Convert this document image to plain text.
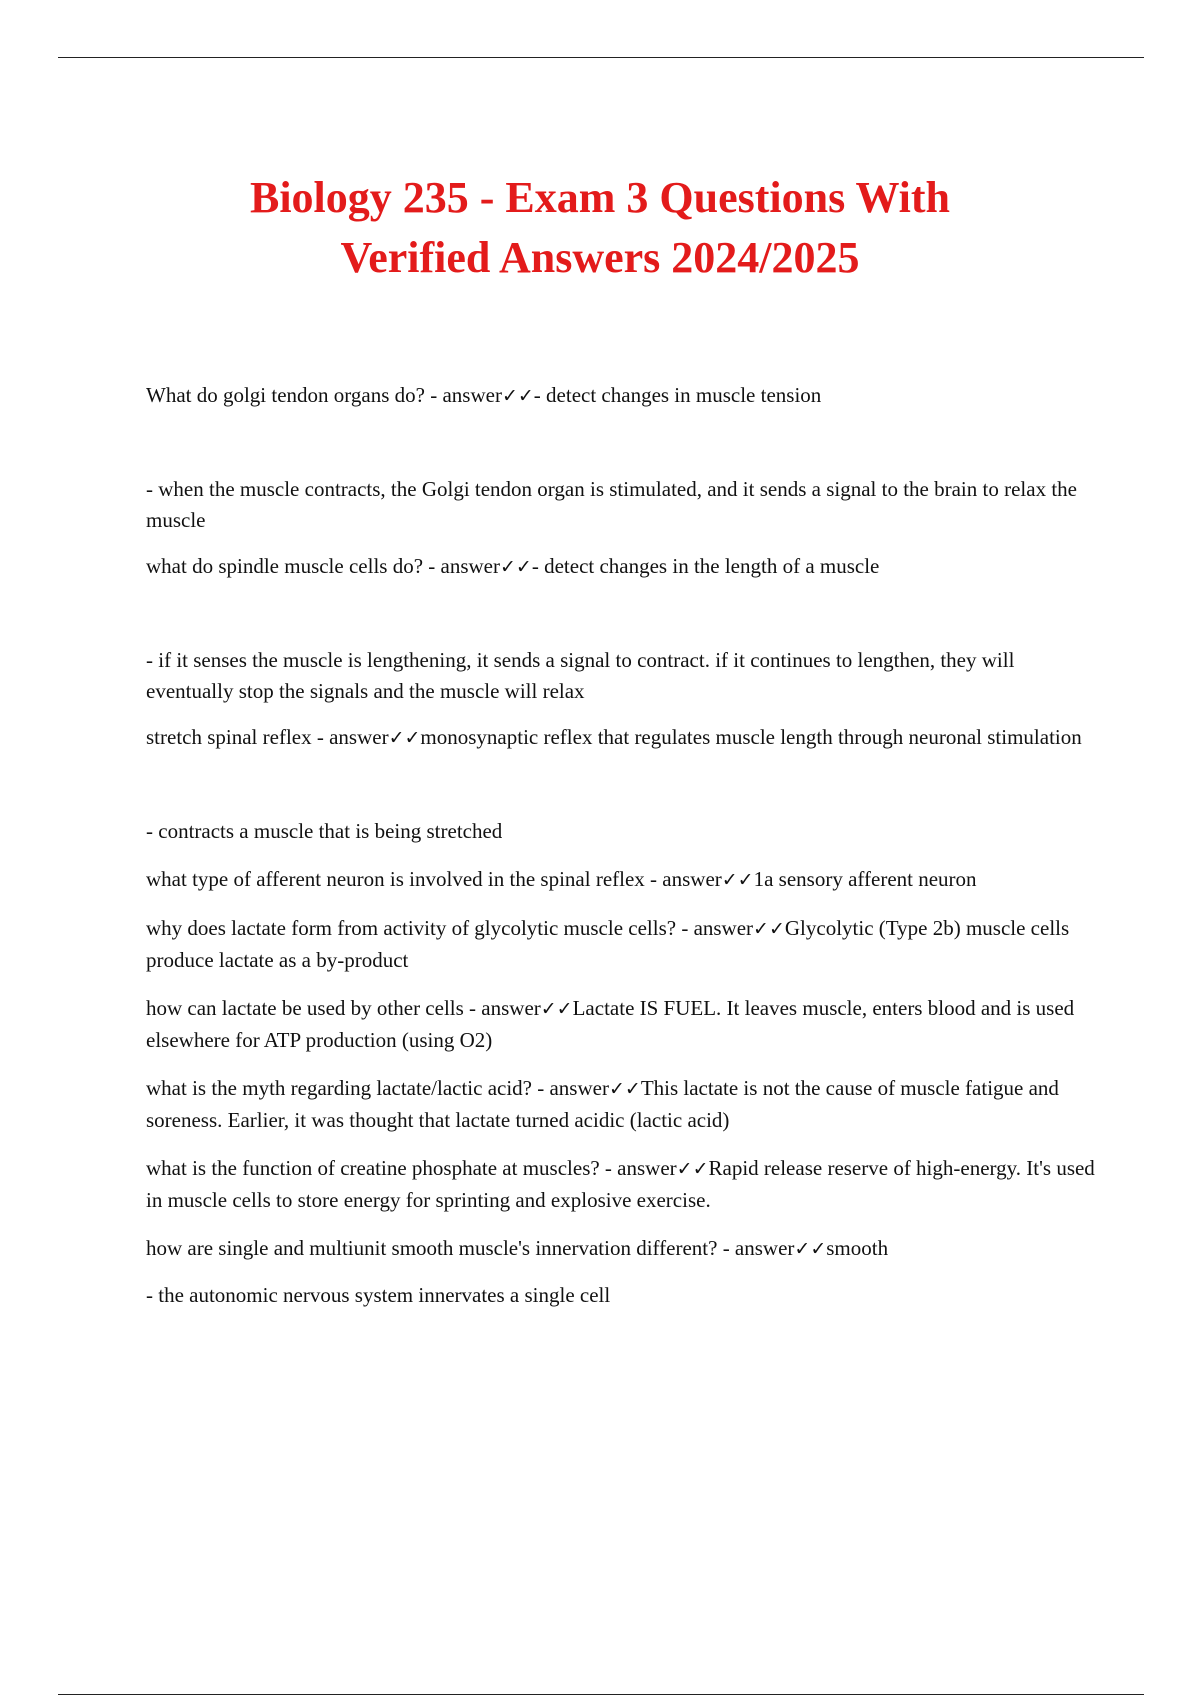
Biology 235 - Exam 3 Questions With
Verified Answers 2024/2025

What do golgi tendon organs do? - answer✓✓- detect changes in muscle tension

- when the muscle contracts, the Golgi tendon organ is stimulated, and it sends a signal to the brain to relax the muscle

what do spindle muscle cells do? - answer✓✓- detect changes in the length of a muscle

- if it senses the muscle is lengthening, it sends a signal to contract. if it continues to lengthen, they will eventually stop the signals and the muscle will relax

stretch spinal reflex - answer✓✓monosynaptic reflex that regulates muscle length through neuronal stimulation

- contracts a muscle that is being stretched

what type of afferent neuron is involved in the spinal reflex - answer✓✓1a sensory afferent neuron

why does lactate form from activity of glycolytic muscle cells? - answer✓✓Glycolytic (Type 2b) muscle cells produce lactate as a by-product

how can lactate be used by other cells - answer✓✓Lactate IS FUEL. It leaves muscle, enters blood and is used elsewhere for ATP production (using O2)

what is the myth regarding lactate/lactic acid? - answer✓✓This lactate is not the cause of muscle fatigue and soreness. Earlier, it was thought that lactate turned acidic (lactic acid)

what is the function of creatine phosphate at muscles? - answer✓✓Rapid release reserve of high-energy. It's used in muscle cells to store energy for sprinting and explosive exercise.

how are single and multiunit smooth muscle's innervation different? - answer✓✓smooth

- the autonomic nervous system innervates a single cell
